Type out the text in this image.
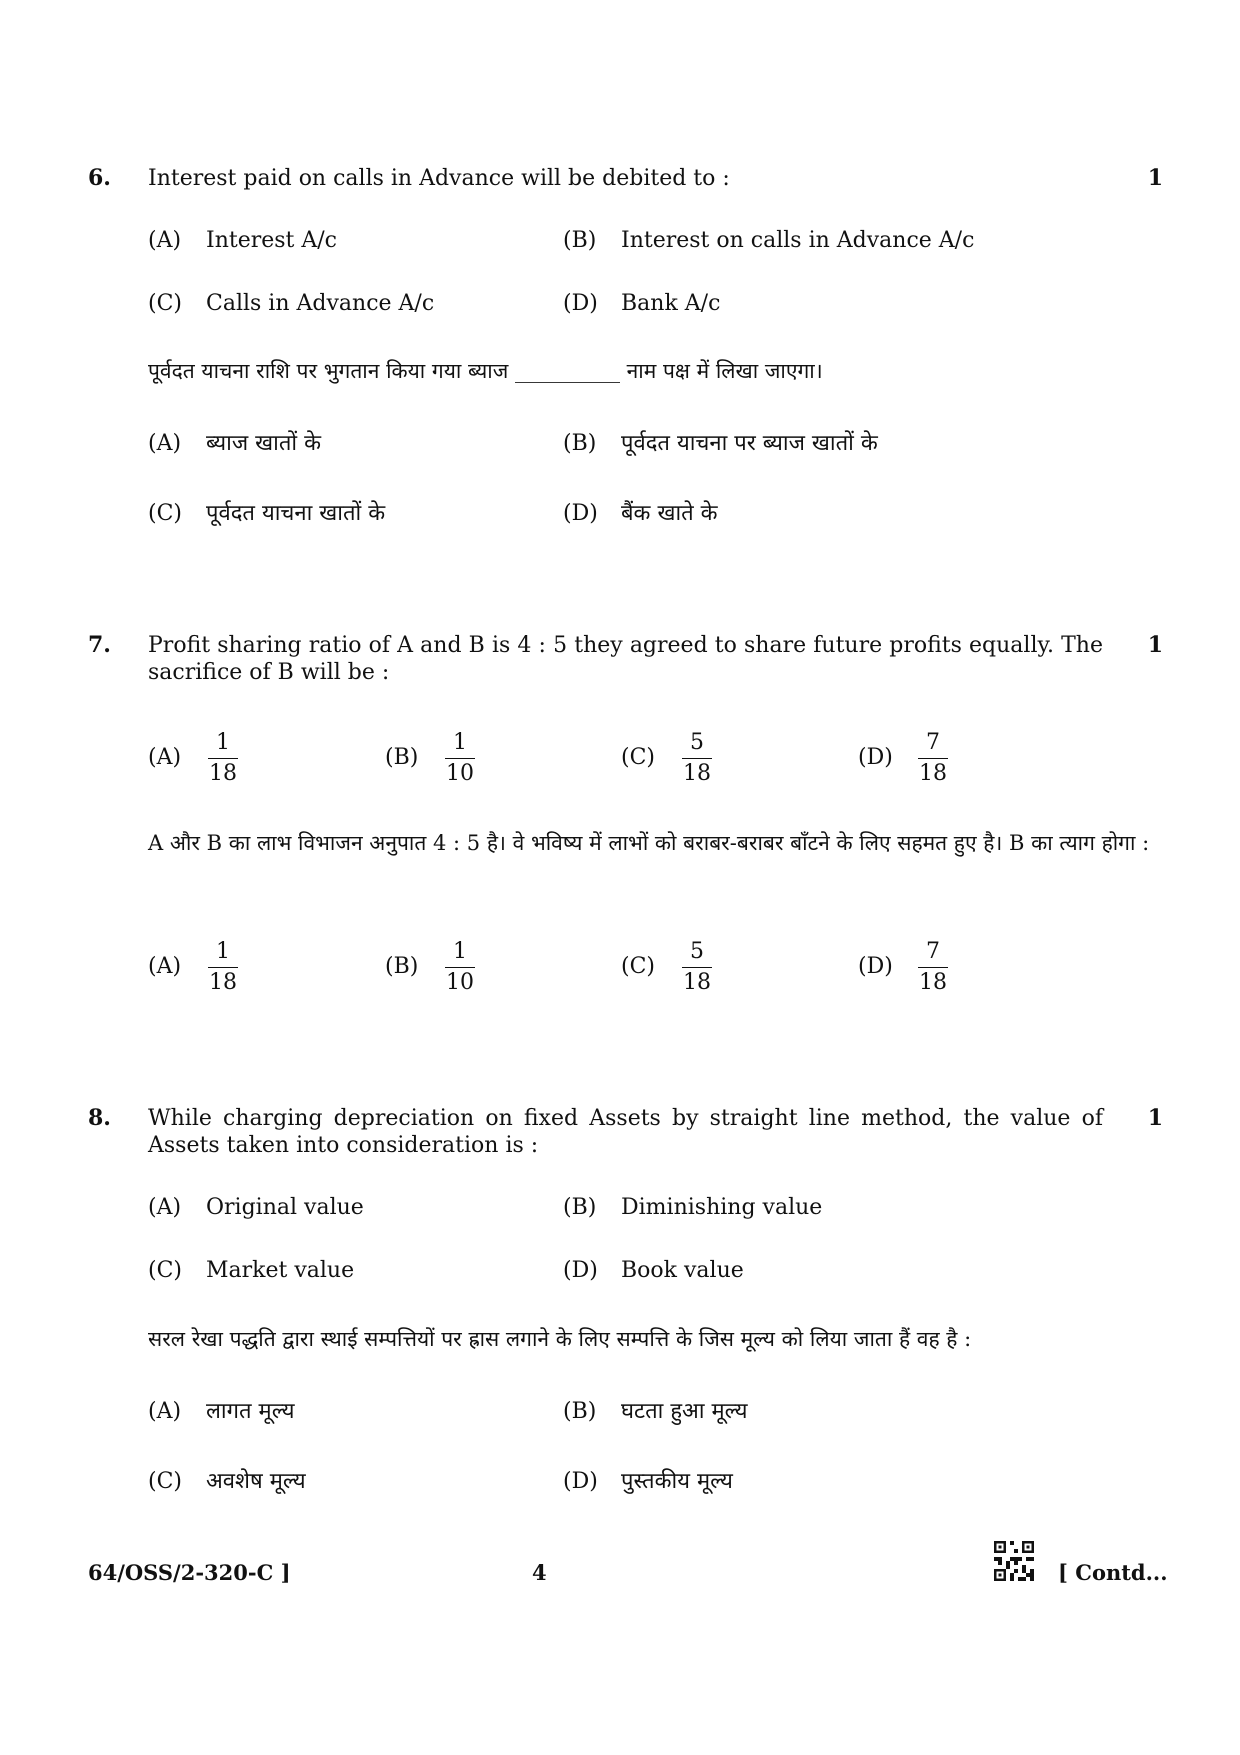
6. Interest paid on calls in Advance will be debited to :	1
(A) Interest A/c	(B) Interest on calls in Advance A/c
(C) Calls in Advance A/c	(D) Bank A/c
पूर्वदत याचना राशि पर भुगतान किया गया ब्याज __________ नाम पक्ष में लिखा जाएगा।
(A) ब्याज खातों के	(B) पूर्वदत याचना पर ब्याज खातों के
(C) पूर्वदत याचना खातों के	(D) बैंक खाते के
7. Profit sharing ratio of A and B is 4 : 5 they agreed to share future profits equally. The sacrifice of B will be :
1
(A)
1
18
(B)
1
10
(C)
5
18
(D)
7
18
A और B का लाभ विभाजन अनुपात 4 : 5 है। वे भविष्य में लाभों को बराबर-बराबर बाँटने के लिए सहमत हुए है। B का त्याग होगा :
(A)
1
18
(B)
1
10
(C)
5
18
(D)
7
18
8. While charging depreciation on fixed Assets by straight line method, the value of Assets taken into consideration is :
1
(A) Original value	(B) Diminishing value
(C) Market value	(D) Book value
सरल रेखा पद्धति द्वारा स्थाई सम्पत्तियों पर ह्रास लगाने के लिए सम्पत्ति के जिस मूल्य को लिया जाता हैं वह है :
(A) लागत मूल्य	(B) घटता हुआ मूल्य
(C) अवशेष मूल्य	(D) पुस्तकीय मूल्य
64/OSS/2-320-C ]	4	[ Contd...
